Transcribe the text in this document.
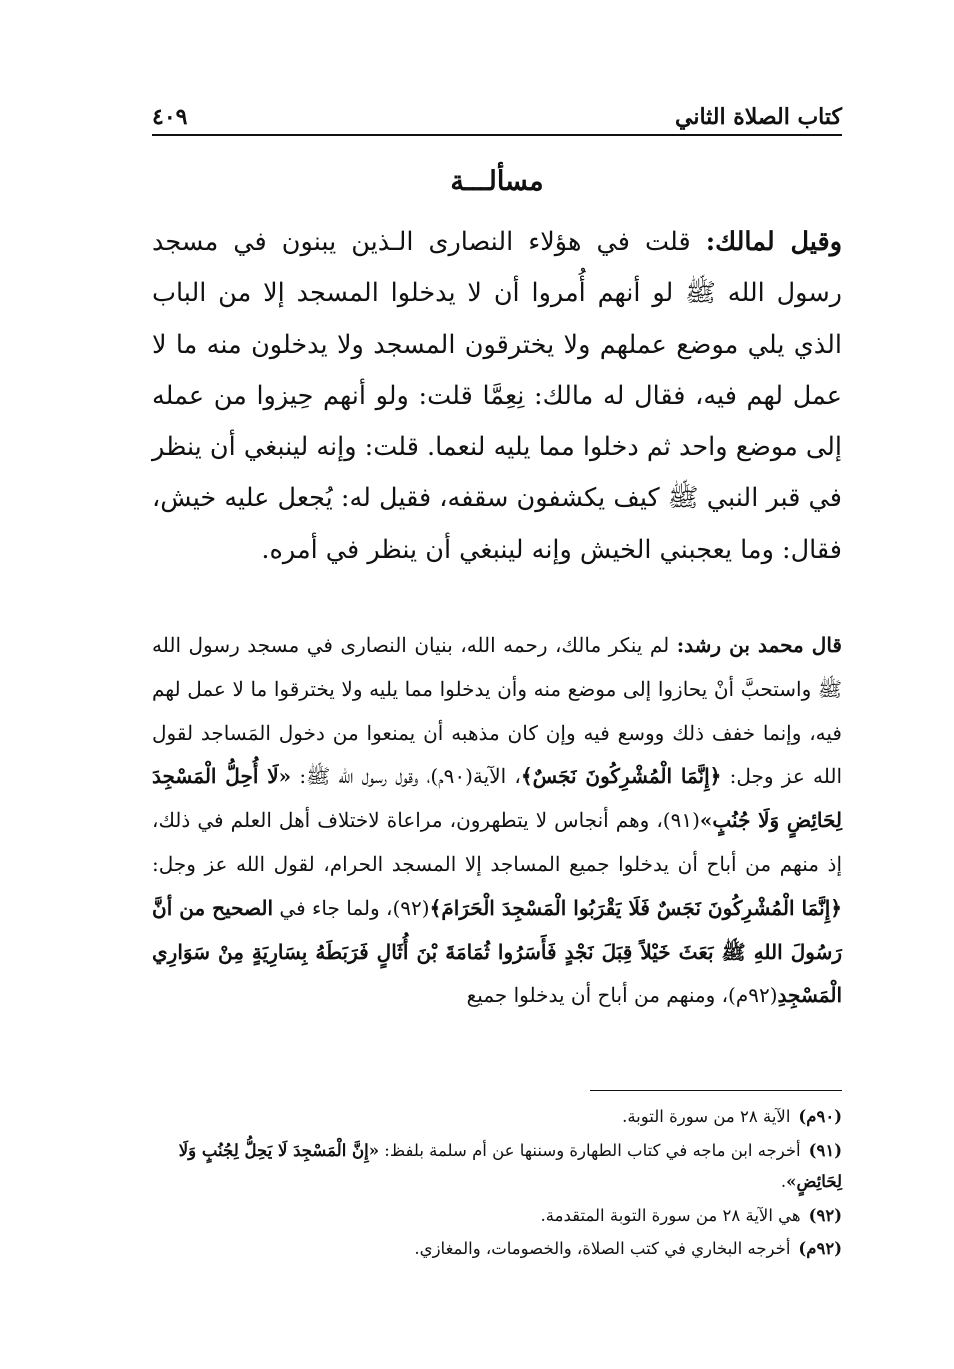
كتاب الصلاة الثاني
٤٠٩
مسألـــة

وقيل لمالك: قلت في هؤلاء النصارى الـذين يبنون في مسجد رسول الله ﷺ لو أنهم أُمروا أن لا يدخلوا المسجد إلا من الباب الذي يلي موضع عملهم ولا يخترقون المسجد ولا يدخلون منه ما لا عمل لهم فيه، فقال له مالك: نِعِمَّا قلت: ولو أنهم حِيزوا من عمله إلى موضع واحد ثم دخلوا مما يليه لنعما. قلت: وإنه لينبغي أن ينظر في قبر النبي ﷺ كيف يكشفون سقفه، فقيل له: يُجعل عليه خيش، فقال: وما يعجبني الخيش وإنه لينبغي أن ينظر في أمره.

قال محمد بن رشد: لم ينكر مالك، رحمه الله، بنيان النصارى في مسجد رسول الله ﷺ واستحبَّ أنْ يحازوا إلى موضع منه وأن يدخلوا مما يليه ولا يخترقوا ما لا عمل لهم فيه، وإنما خفف ذلك ووسع فيه وإن كان مذهبه أن يمنعوا من دخول المَساجد لقول الله عز وجل: ﴿إِنَّمَا الْمُشْرِكُونَ نَجَسٌ﴾، الآية(٩٠م)، وقول رسول الله ﷺ: «لَا أُحِلُّ الْمَسْجِدَ لِحَائِضٍ وَلَا جُنُبٍ»(٩١)، وهم أنجاس لا يتطهرون، مراعاة لاختلاف أهل العلم في ذلك، إذ منهم من أباح أن يدخلوا جميع المساجد إلا المسجد الحرام، لقول الله عز وجل: ﴿إِنَّمَا الْمُشْرِكُونَ نَجَسٌ فَلَا يَقْرَبُوا الْمَسْجِدَ الْحَرَامَ﴾(٩٢)، ولما جاء في الصحيح من أنَّ رَسُولَ اللهِ ﷺ بَعَثَ خَيْلاً قِبَلَ نَجْدٍ فَأَسَرُوا ثُمَامَةَ بْنَ أُثَالٍ فَرَبَطَهُ بِسَارِيَةٍ مِنْ سَوَارِي الْمَسْجِدِ(٩٢م)، ومنهم من أباح أن يدخلوا جميع

(٩٠م)الآية ٢٨ من سورة التوبة.

(٩١)أخرجه ابن ماجه في كتاب الطهارة وسننها عن أم سلمة بلفظ: «إِنَّ الْمَسْجِدَ لَا يَحِلُّ لِجُنُبٍ وَلَا لِحَائِضٍ».

(٩٢)هي الآية ٢٨ من سورة التوبة المتقدمة.

(٩٢م)أخرجه البخاري في كتب الصلاة، والخصومات، والمغازي.
